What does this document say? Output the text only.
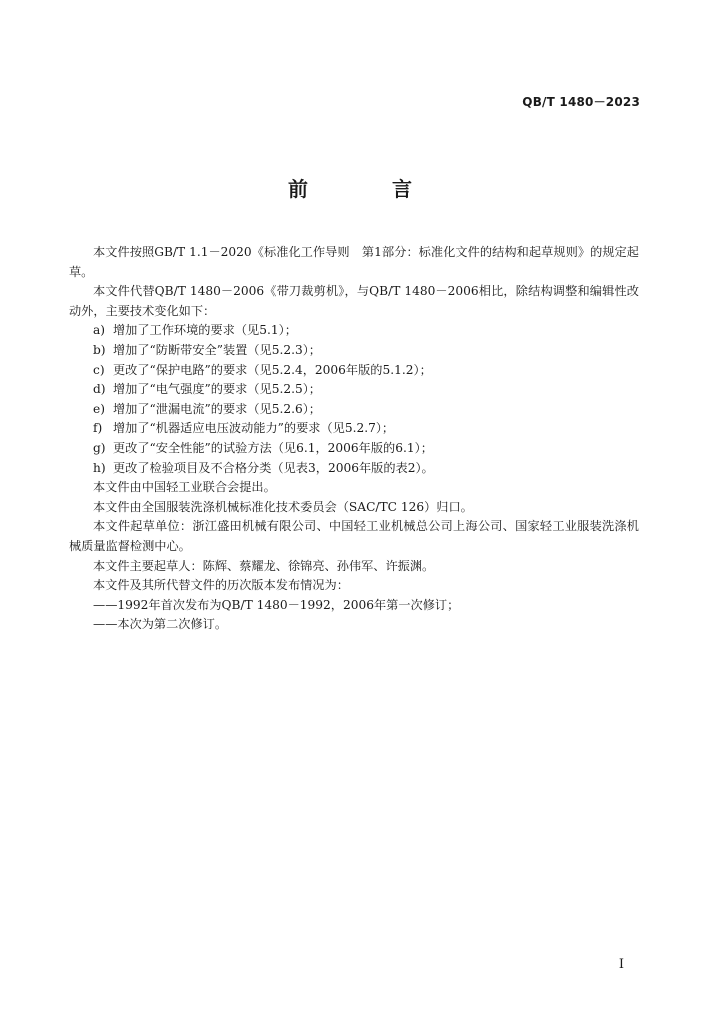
QB/T 1480－2023
前　言

本文件按照GB/T 1.1－2020《标准化工作导则　第1部分：标准化文件的结构和起草规则》的规定起草。

本文件代替QB/T 1480－2006《带刀裁剪机》，与QB/T 1480－2006相比，除结构调整和编辑性改动外，主要技术变化如下：

a) 增加了工作环境的要求（见5.1）；

b) 增加了“防断带安全”装置（见5.2.3）；

c) 更改了“保护电路”的要求（见5.2.4，2006年版的5.1.2）；

d) 增加了“电气强度”的要求（见5.2.5）；

e) 增加了“泄漏电流”的要求（见5.2.6）；

f) 增加了“机器适应电压波动能力”的要求（见5.2.7）；

g) 更改了“安全性能”的试验方法（见6.1，2006年版的6.1）；

h) 更改了检验项目及不合格分类（见表3，2006年版的表2）。

本文件由中国轻工业联合会提出。

本文件由全国服装洗涤机械标准化技术委员会（SAC/TC 126）归口。

本文件起草单位：浙江盛田机械有限公司、中国轻工业机械总公司上海公司、国家轻工业服装洗涤机械质量监督检测中心。

本文件主要起草人：陈辉、蔡耀龙、徐锦亮、孙伟军、许振渊。

本文件及其所代替文件的历次版本发布情况为：

——1992年首次发布为QB/T 1480－1992，2006年第一次修订；

——本次为第二次修订。

I
